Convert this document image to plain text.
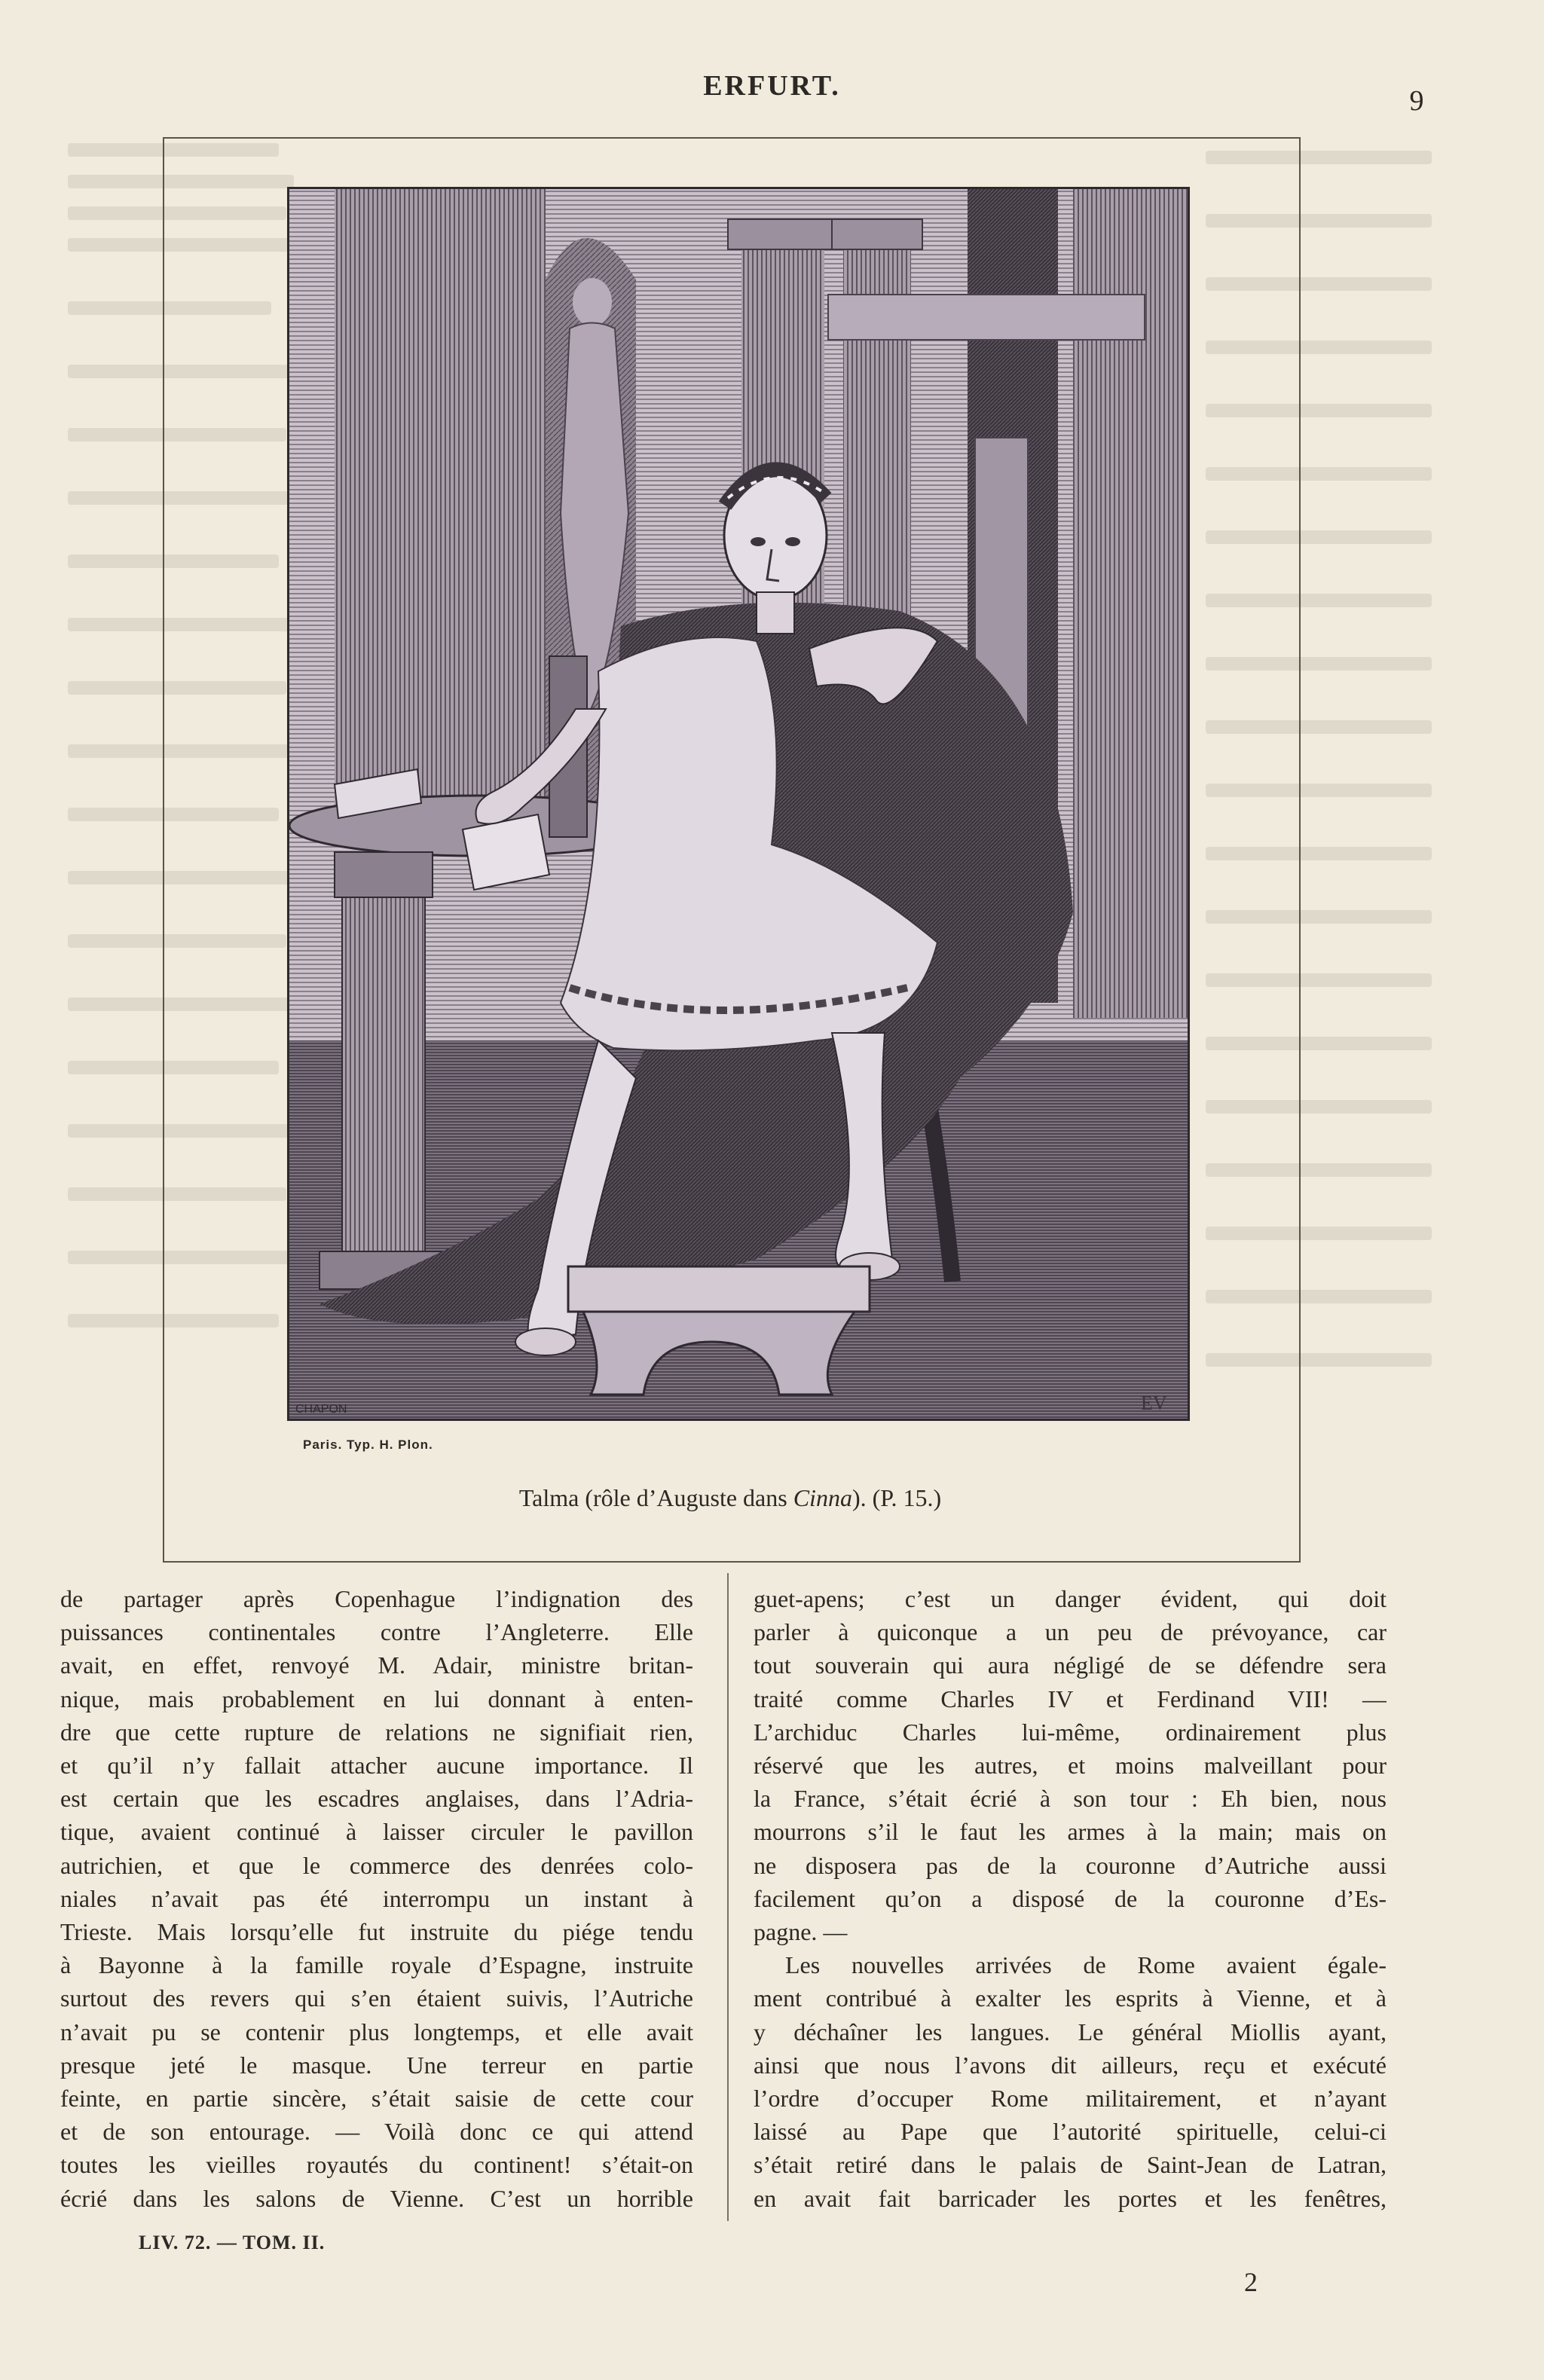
ERFURT.	9
CHAPON	EV
Paris. Typ. H. Plon.
Talma (rôle d’Auguste dans Cinna). (P. 15.)
de partager après Copenhague l’indignation des
puissances continentales contre l’Angleterre. Elle
avait, en effet, renvoyé M. Adair, ministre britan-
nique, mais probablement en lui donnant à enten-
dre que cette rupture de relations ne signifiait rien,
et qu’il n’y fallait attacher aucune importance. Il
est certain que les escadres anglaises, dans l’Adria-
tique, avaient continué à laisser circuler le pavillon
autrichien, et que le commerce des denrées colo-
niales n’avait pas été interrompu un instant à
Trieste. Mais lorsqu’elle fut instruite du piége tendu
à Bayonne à la famille royale d’Espagne, instruite
surtout des revers qui s’en étaient suivis, l’Autriche
n’avait pu se contenir plus longtemps, et elle avait
presque jeté le masque. Une terreur en partie
feinte, en partie sincère, s’était saisie de cette cour
et de son entourage. — Voilà donc ce qui attend
toutes les vieilles royautés du continent! s’était-on
écrié dans les salons de Vienne. C’est un horrible
guet-apens; c’est un danger évident, qui doit
parler à quiconque a un peu de prévoyance, car
tout souverain qui aura négligé de se défendre sera
traité comme Charles IV et Ferdinand VII! —
L’archiduc Charles lui-même, ordinairement plus
réservé que les autres, et moins malveillant pour
la France, s’était écrié à son tour : Eh bien, nous
mourrons s’il le faut les armes à la main; mais on
ne disposera pas de la couronne d’Autriche aussi
facilement qu’on a disposé de la couronne d’Es-
pagne. —
Les nouvelles arrivées de Rome avaient égale-
ment contribué à exalter les esprits à Vienne, et à
y déchaîner les langues. Le général Miollis ayant,
ainsi que nous l’avons dit ailleurs, reçu et exécuté
l’ordre d’occuper Rome militairement, et n’ayant
laissé au Pape que l’autorité spirituelle, celui-ci
s’était retiré dans le palais de Saint-Jean de Latran,
en avait fait barricader les portes et les fenêtres,
LIV. 72. — TOM. II.
2
